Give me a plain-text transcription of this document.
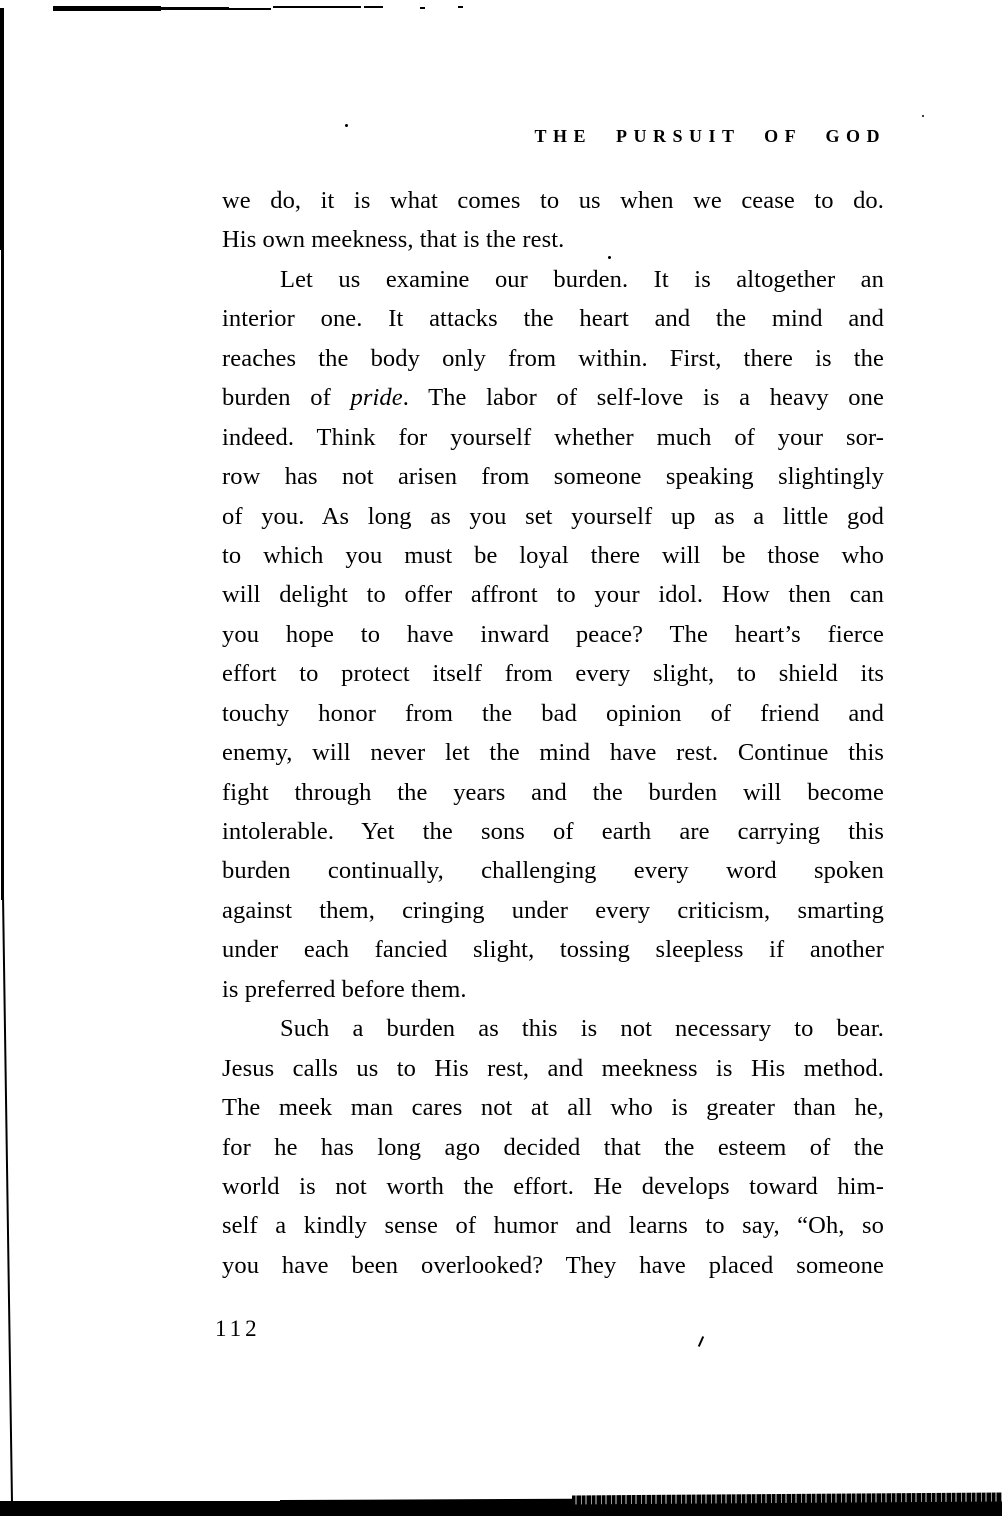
THE PURSUIT OF GOD
we do, it is what comes to us when we cease to do.
His own meekness, that is the rest.
Let us examine our burden. It is altogether an
interior one. It attacks the heart and the mind and
reaches the body only from within. First, there is the
burden of pride. The labor of self-love is a heavy one
indeed. Think for yourself whether much of your sor-
row has not arisen from someone speaking slightingly
of you. As long as you set yourself up as a little god
to which you must be loyal there will be those who
will delight to offer affront to your idol. How then can
you hope to have inward peace? The heart’s fierce
effort to protect itself from every slight, to shield its
touchy honor from the bad opinion of friend and
enemy, will never let the mind have rest. Continue this
fight through the years and the burden will become
intolerable. Yet the sons of earth are carrying this
burden continually, challenging every word spoken
against them, cringing under every criticism, smarting
under each fancied slight, tossing sleepless if another
is preferred before them.
Such a burden as this is not necessary to bear.
Jesus calls us to His rest, and meekness is His method.
The meek man cares not at all who is greater than he,
for he has long ago decided that the esteem of the
world is not worth the effort. He develops toward him-
self a kindly sense of humor and learns to say, “Oh, so
you have been overlooked? They have placed someone
112
